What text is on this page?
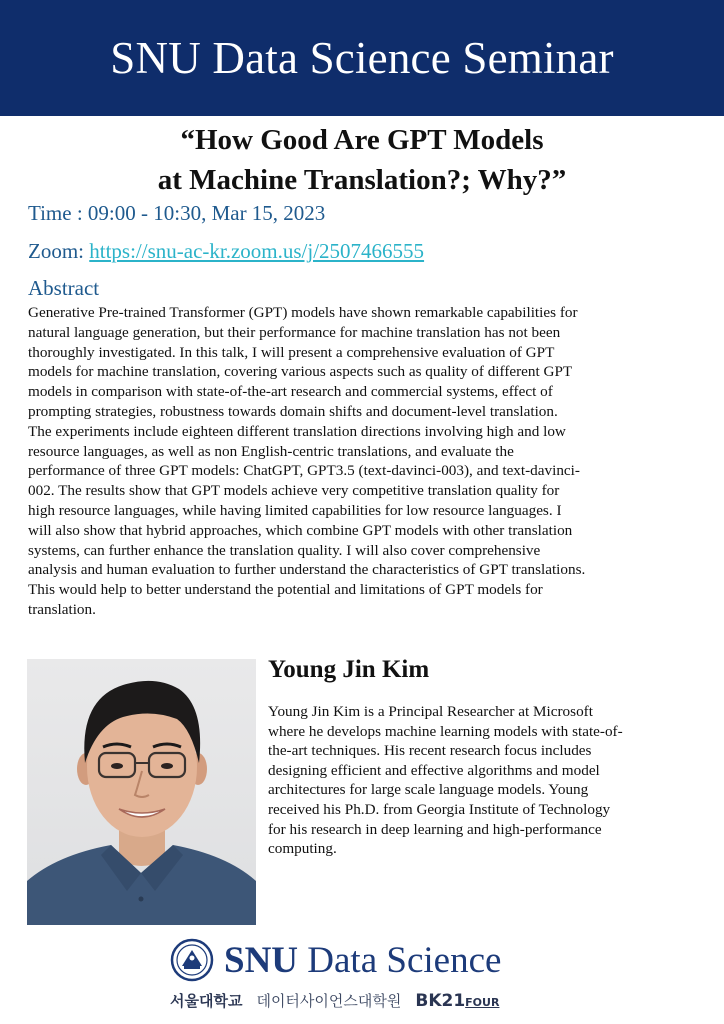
SNU Data Science Seminar
“How Good Are GPT Models
at Machine Translation?; Why?”
Time : 09:00 - 10:30, Mar 15, 2023
Zoom: https://snu-ac-kr.zoom.us/j/2507466555
Abstract
Generative Pre-trained Transformer (GPT) models have shown remarkable capabilities for
natural language generation, but their performance for machine translation has not been
thoroughly investigated. In this talk, I will present a comprehensive evaluation of GPT
models for machine translation, covering various aspects such as quality of different GPT
models in comparison with state-of-the-art research and commercial systems, effect of
prompting strategies, robustness towards domain shifts and document-level translation.
The experiments include eighteen different translation directions involving high and low
resource languages, as well as non English-centric translations, and evaluate the
performance of three GPT models: ChatGPT, GPT3.5 (text-davinci-003), and text-davinci-
002. The results show that GPT models achieve very competitive translation quality for
high resource languages, while having limited capabilities for low resource languages. I
will also show that hybrid approaches, which combine GPT models with other translation
systems, can further enhance the translation quality. I will also cover comprehensive
analysis and human evaluation to further understand the characteristics of GPT translations.
This would help to better understand the potential and limitations of GPT models for
translation.
Young Jin Kim
Young Jin Kim is a Principal Researcher at Microsoft
where he develops machine learning models with state-of-
the-art techniques. His recent research focus includes
designing efficient and effective algorithms and model
architectures for large scale language models. Young
received his Ph.D. from Georgia Institute of Technology
for his research in deep learning and high-performance
computing.
SNU Data Science
서울대학교 데이터사이언스대학원 BK21 FOUR
